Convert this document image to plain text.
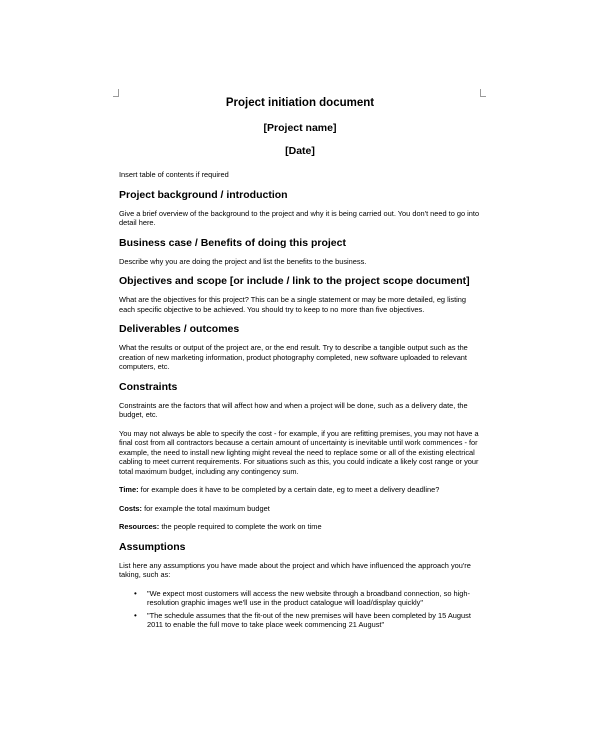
Project initiation document

[Project name]

[Date]

Insert table of contents if required

Project background / introduction

Give a brief overview of the background to the project and why it is being carried out. You don't need to go into detail here.

Business case / Benefits of doing this project

Describe why you are doing the project and list the benefits to the business.

Objectives and scope [or include / link to the project scope document]

What are the objectives for this project? This can be a single statement or may be more detailed, eg listing each specific objective to be achieved. You should try to keep to no more than five objectives.

Deliverables / outcomes

What the results or output of the project are, or the end result. Try to describe a tangible output such as the creation of new marketing information, product photography completed, new software uploaded to relevant computers, etc.

Constraints

Constraints are the factors that will affect how and when a project will be done, such as a delivery date, the budget, etc.

You may not always be able to specify the cost - for example, if you are refitting premises, you may not have a final cost from all contractors because a certain amount of uncertainty is inevitable until work commences - for example, the need to install new lighting might reveal the need to replace some or all of the existing electrical cabling to meet current requirements. For situations such as this, you could indicate a likely cost range or your total maximum budget, including any contingency sum.

Time: for example does it have to be completed by a certain date, eg to meet a delivery deadline?

Costs: for example the total maximum budget

Resources: the people required to complete the work on time

Assumptions

List here any assumptions you have made about the project and which have influenced the approach you're taking, such as:

• "We expect most customers will access the new website through a broadband connection, so high-resolution graphic images we'll use in the product catalogue will load/display quickly"
• "The schedule assumes that the fit-out of the new premises will have been completed by 15 August 2011 to enable the full move to take place week commencing 21 August"
